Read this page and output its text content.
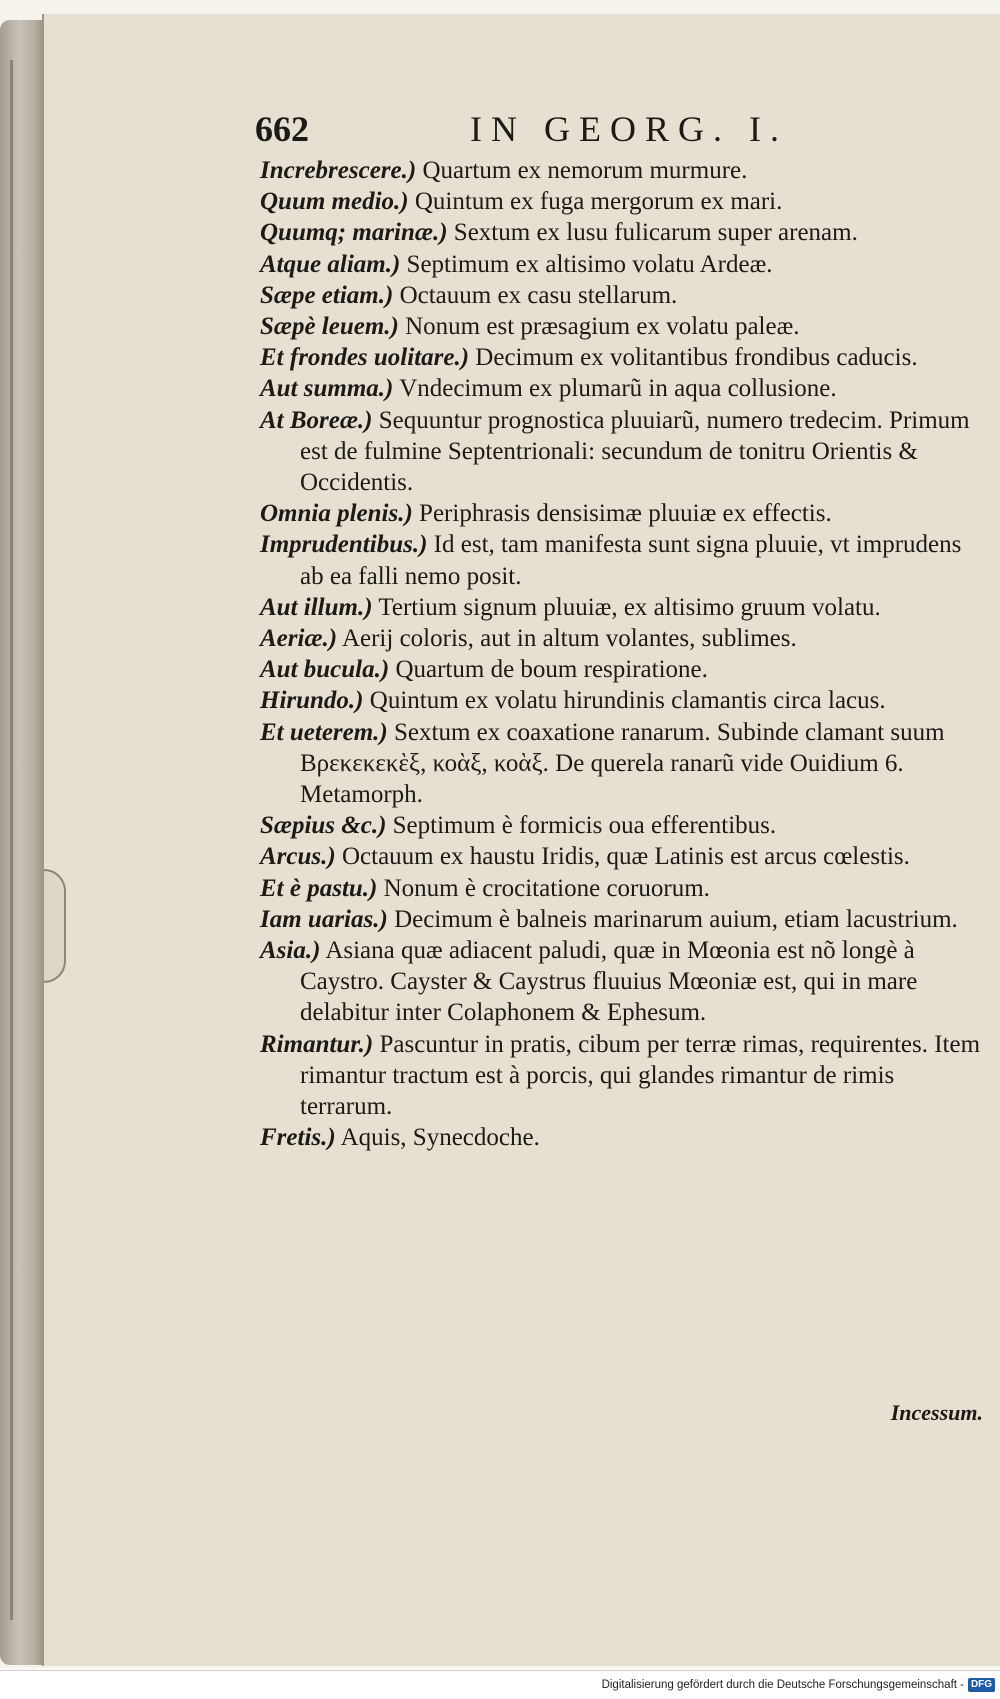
662	IN GEORG. I.

Increbrescere.) Quartum ex nemorum murmure.

Quum medio.) Quintum ex fuga mergorum ex mari.

Quumq; marinæ.) Sextum ex lusu fulicarum super arenam.

Atque aliam.) Septimum ex altisimo volatu Ardeæ.

Sæpe etiam.) Octauum ex casu stellarum.

Sæpè leuem.) Nonum est præsagium ex volatu paleæ.

Et frondes uolitare.) Decimum ex volitantibus frondibus caducis.

Aut summa.) Vndecimum ex plumarũ in aqua collusione.

At Boreæ.) Sequuntur prognostica pluuiarũ, numero tredecim. Primum est de fulmine Septentrionali: secundum de tonitru Orientis & Occidentis.

Omnia plenis.) Periphrasis densisimæ pluuiæ ex effectis.

Imprudentibus.) Id est, tam manifesta sunt signa pluuie, vt imprudens ab ea falli nemo posit.

Aut illum.) Tertium signum pluuiæ, ex altisimo gruum volatu.

Aeriæ.) Aerij coloris, aut in altum volantes, sublimes.

Aut bucula.) Quartum de boum respiratione.

Hirundo.) Quintum ex volatu hirundinis clamantis circa lacus.

Et ueterem.) Sextum ex coaxatione ranarum. Subinde clamant suum Βρεκεκεκὲξ, κοὰξ, κοὰξ. De querela ranarũ vide Ouidium 6. Metamorph.

Sæpius &c.) Septimum è formicis oua efferentibus.

Arcus.) Octauum ex haustu Iridis, quæ Latinis est arcus cœlestis.

Et è pastu.) Nonum è crocitatione coruorum.

Iam uarias.) Decimum è balneis marinarum auium, etiam lacustrium.

Asia.) Asiana quæ adiacent paludi, quæ in Mœonia est nõ longè à Caystro. Cayster & Caystrus fluuius Mœoniæ est, qui in mare delabitur inter Colaphonem & Ephesum.

Rimantur.) Pascuntur in pratis, cibum per terræ rimas, requirentes. Item rimantur tractum est à porcis, qui glandes rimantur de rimis terrarum.

Fretis.) Aquis, Synecdoche.

Incessum.
Digitalisierung gefördert durch die Deutsche Forschungsgemeinschaft - DFG
